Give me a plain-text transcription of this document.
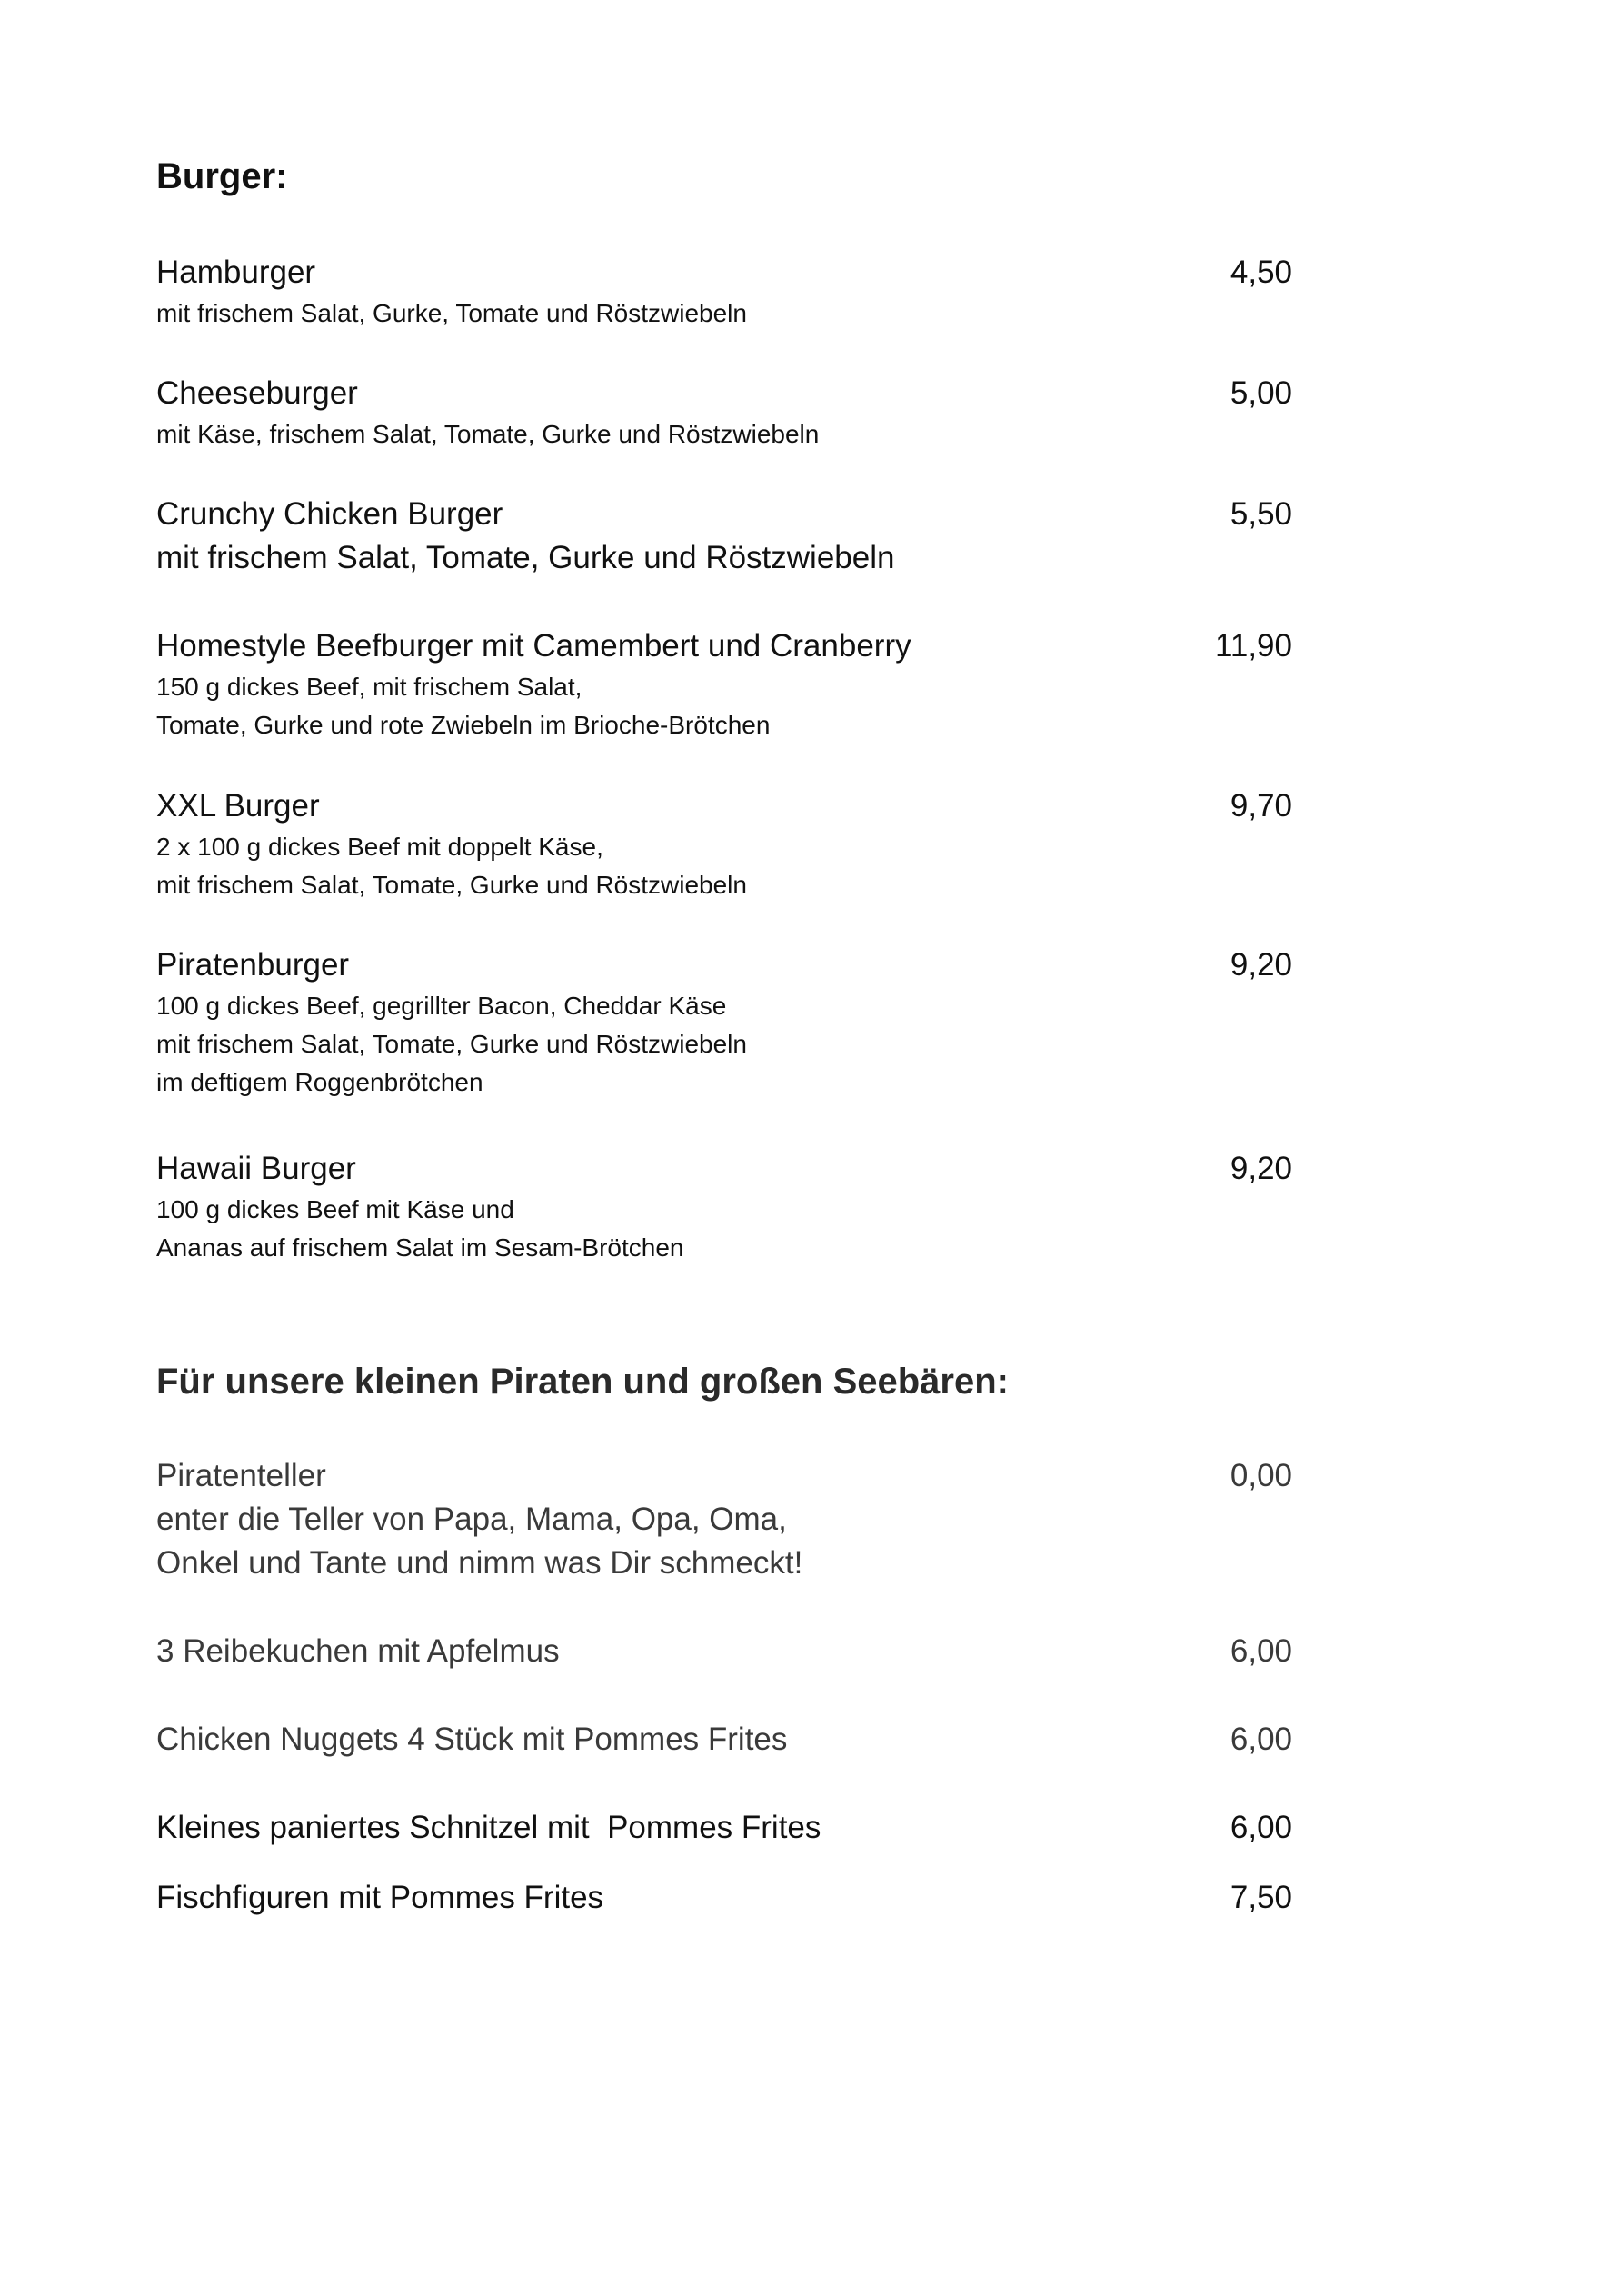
Burger:
Hamburger	4,50
mit frischem Salat, Gurke, Tomate und Röstzwiebeln
Cheeseburger	5,00
mit Käse, frischem Salat, Tomate, Gurke und Röstzwiebeln
Crunchy Chicken Burger	5,50
mit frischem Salat, Tomate, Gurke und Röstzwiebeln
Homestyle Beefburger mit Camembert und Cranberry	11,90
150 g dickes Beef, mit frischem Salat,
Tomate, Gurke und rote Zwiebeln im Brioche-Brötchen
XXL Burger	9,70
2 x 100 g dickes Beef mit doppelt Käse,
mit frischem Salat, Tomate, Gurke und Röstzwiebeln
Piratenburger	9,20
100 g dickes Beef, gegrillter Bacon, Cheddar Käse
mit frischem Salat, Tomate, Gurke und Röstzwiebeln
im deftigem Roggenbrötchen
Hawaii Burger	9,20
100 g dickes Beef mit Käse und
Ananas auf frischem Salat im Sesam-Brötchen
Für unsere kleinen Piraten und großen Seebären:
Piratenteller	0,00
enter die Teller von Papa, Mama, Opa, Oma,
Onkel und Tante und nimm was Dir schmeckt!
3 Reibekuchen mit Apfelmus	6,00
Chicken Nuggets 4 Stück mit Pommes Frites	6,00
Kleines paniertes Schnitzel mit  Pommes Frites	6,00
Fischfiguren mit Pommes Frites	7,50
